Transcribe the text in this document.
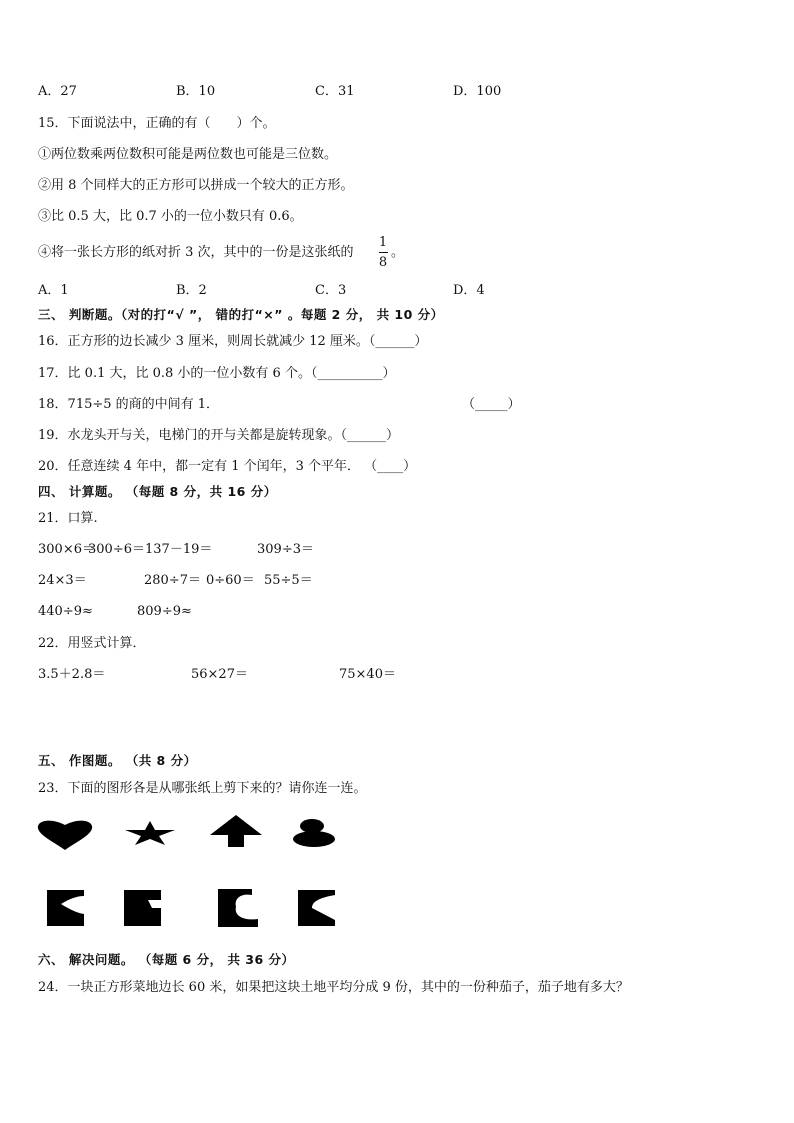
A．27	B．10	C．31	D．100
15．下面说法中，正确的有（　　）个。
①两位数乘两位数积可能是两位数也可能是三位数。
②用 8 个同样大的正方形可以拼成一个较大的正方形。
③比 0.5 大，比 0.7 小的一位小数只有 0.6。
④将一张长方形的纸对折 3 次，其中的一份是这张纸的
1
8
。
A．1	B．2	C．3	D．4
三、 判断题。（对的打“√ ”， 错的打“×” 。每题 2 分， 共 10 分）
16．正方形的边长减少 3 厘米，则周长就减少 12 厘米。（______）
17．比 0.1 大，比 0.8 小的一位小数有 6 个。（__________）
18．715÷5 的商的中间有 1．	（_____）
19．水龙头开与关，电梯门的开与关都是旋转现象。（______）
20．任意连续 4 年中，都一定有 1 个闰年，3 个平年． （____）
四、 计算题。 （每题 8 分，共 16 分）
21．口算.
300×6＝
300÷6＝ 137－19＝	309÷3＝
24×3＝	280÷7＝ 0÷60＝ 55÷5＝
440÷9≈	809÷9≈
22．用竖式计算．
3.5＋2.8＝	56×27＝	75×40＝
五、 作图题。 （共 8 分）
23．下面的图形各是从哪张纸上剪下来的？请你连一连。
六、 解决问题。 （每题 6 分， 共 36 分）
24．一块正方形菜地边长 60 米，如果把这块土地平均分成 9 份，其中的一份种茄子，茄子地有多大？
